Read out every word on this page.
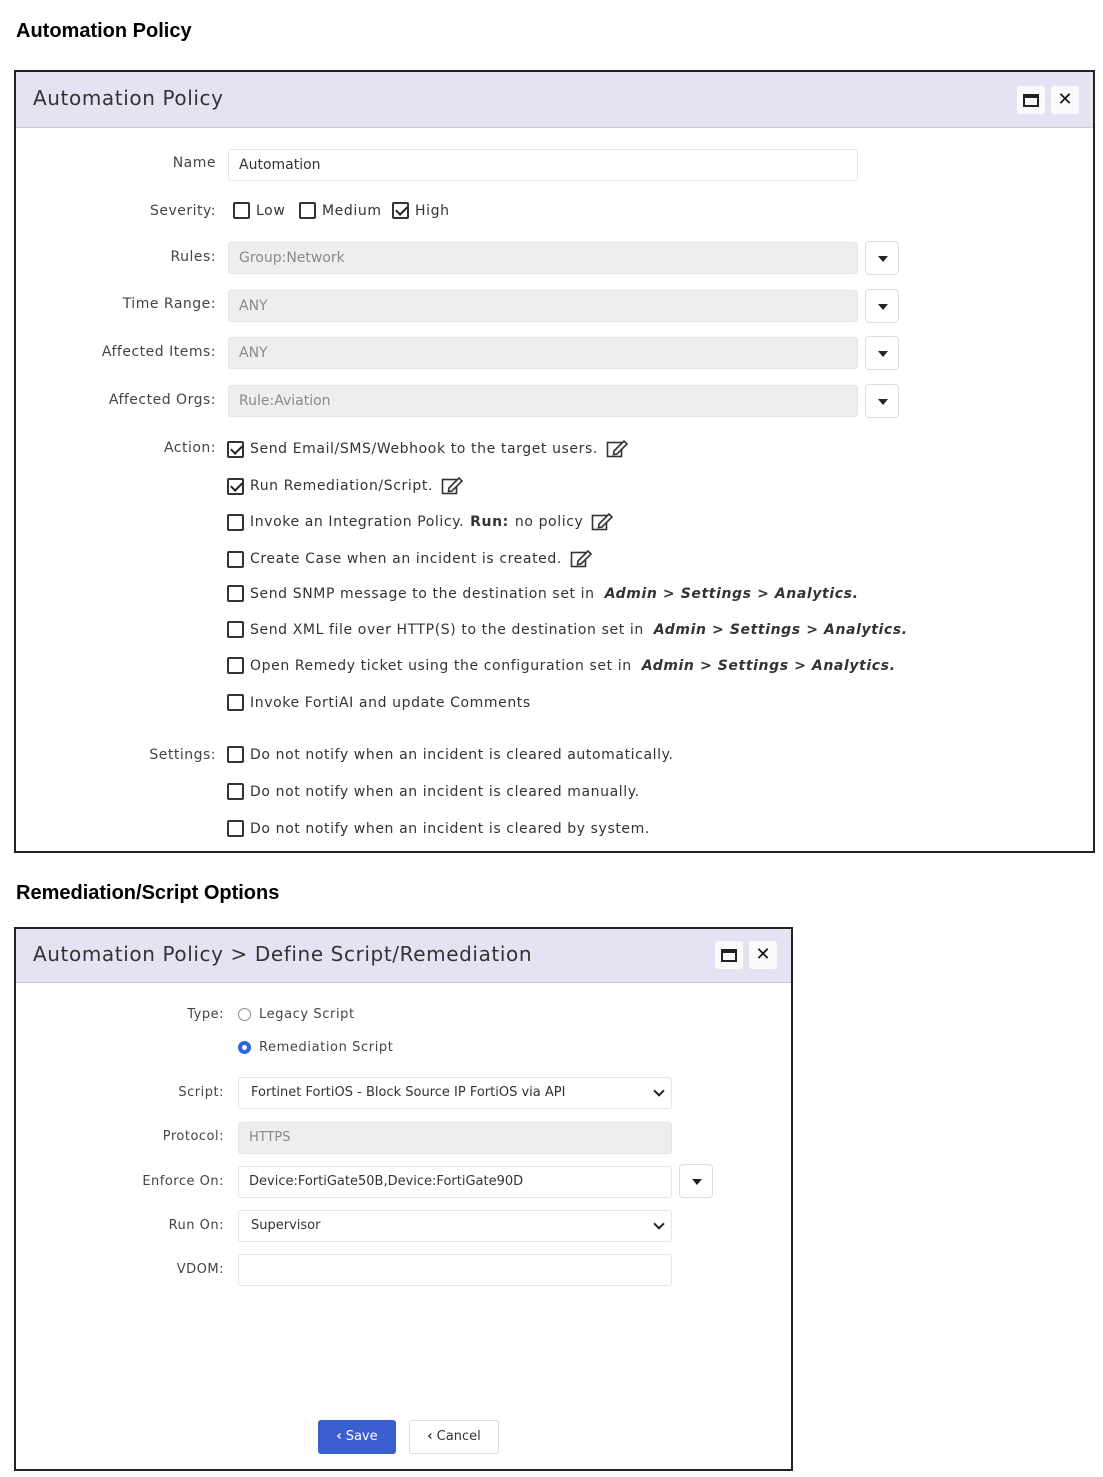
Automation Policy
Automation Policy	✕
Name	Automation
Severity:	Low	Medium High
Rules:	Group:Network
Time Range:	ANY
Affected Items:	ANY
Affected Orgs:	Rule:Aviation
Action: Send Email/SMS/Webhook to the target users.
Run Remediation/Script.
Invoke an Integration Policy. Run: no policy
Create Case when an incident is created.
Send SNMP message to the destination set in Admin > Settings > Analytics.
Send XML file over HTTP(S) to the destination set in Admin > Settings > Analytics.
Open Remedy ticket using the configuration set in Admin > Settings > Analytics.
Invoke FortiAI and update Comments
Settings: Do not notify when an incident is cleared automatically.
Do not notify when an incident is cleared manually.
Do not notify when an incident is cleared by system.
Remediation/Script Options
Automation Policy > Define Script/Remediation	✕
Type:	Legacy Script
Remediation Script
Script:	Fortinet FortiOS - Block Source IP FortiOS via API
Protocol:	HTTPS
Enforce On:	Device:FortiGate50B,Device:FortiGate90D
Run On:	Supervisor
VDOM:
‹ Save	‹ Cancel
